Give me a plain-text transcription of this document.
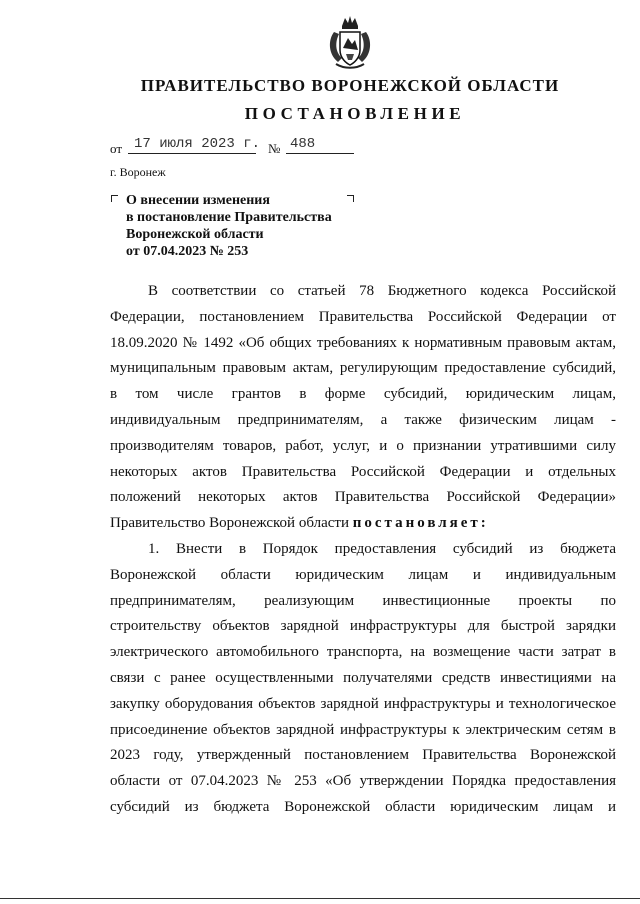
ПРАВИТЕЛЬСТВО ВОРОНЕЖСКОЙ ОБЛАСТИ
ПОСТАНОВЛЕНИЕ
от 17 июля 2023 г. № 488
г. Воронеж
О внесении изменения
в постановление Правительства
Воронежской области
от 07.04.2023 № 253
В соответствии со статьей 78 Бюджетного кодекса Российской
Федерации, постановлением Правительства Российской Федерации от
18.09.2020 № 1492 «Об общих требованиях к нормативным правовым актам,
муниципальным правовым актам, регулирующим предоставление субсидий,
в том числе грантов в форме субсидий, юридическим лицам,
индивидуальным предпринимателям, а также физическим лицам -
производителям товаров, работ, услуг, и о признании утратившими силу
некоторых актов Правительства Российской Федерации и отдельных
положений некоторых актов Правительства Российской Федерации»
Правительство Воронежской области постановляет:
1. Внести в Порядок предоставления субсидий из бюджета
Воронежской области юридическим лицам и индивидуальным
предпринимателям, реализующим инвестиционные проекты по
строительству объектов зарядной инфраструктуры для быстрой зарядки
электрического автомобильного транспорта, на возмещение части затрат в
связи с ранее осуществленными получателями средств инвестициями на
закупку оборудования объектов зарядной инфраструктуры и технологическое
присоединение объектов зарядной инфраструктуры к электрическим сетям в
2023 году, утвержденный постановлением Правительства Воронежской
области от 07.04.2023 № 253 «Об утверждении Порядка предоставления
субсидий из бюджета Воронежской области юридическим лицам и
